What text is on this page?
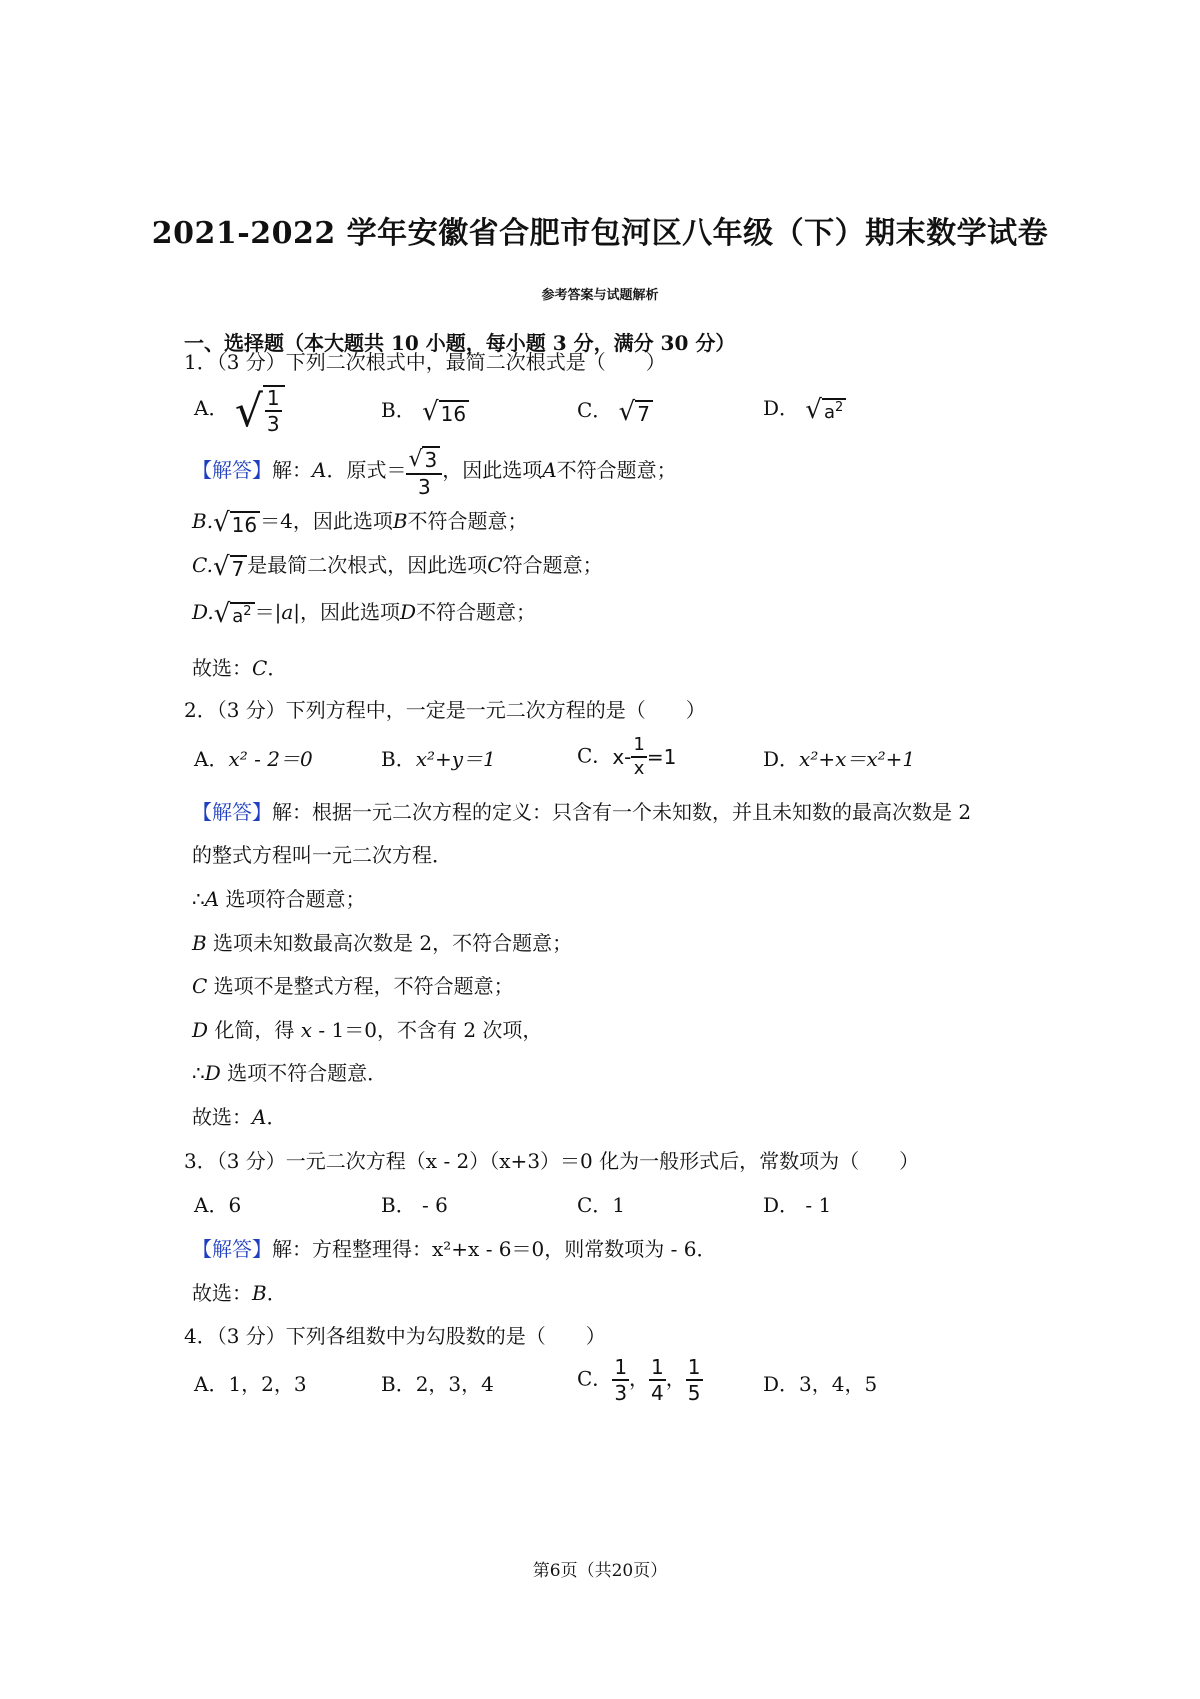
2021-2022 学年安徽省合肥市包河区八年级（下）期末数学试卷
参考答案与试题解析
一、选择题（本大题共 10 小题，每小题 3 分，满分 30 分）
1．（3 分）下列二次根式中，最简二次根式是（　　）
A． √ $\frac{1}{3}$	B． √ 16	C． √ 7	D． √ $a^2$
【解答】解：A．原式＝ $\frac{√ 3}{3}$ ，因此选项A不符合题意；
B.√ 16 ＝4，因此选项B不符合题意；
C.√ 7 是最简二次根式，因此选项C符合题意；
D.√ $a^2 =|a|$，因此选项D不符合题意；
故选：C．
2．（3 分）下列方程中，一定是一元二次方程的是（　　）
A．x² - 2＝0	B．x²+y＝1	C．$x- \frac{1}{x} =1$	D．x²+x＝x²+1
【解答】解：根据一元二次方程的定义：只含有一个未知数，并且未知数的最高次数是 2
的整式方程叫一元二次方程．
∴A 选项符合题意；
B 选项未知数最高次数是 2，不符合题意；
C 选项不是整式方程，不符合题意；
D 化简，得 x - 1＝0，不含有 2 次项，
∴D 选项不符合题意．
故选：A．
3．（3 分）一元二次方程（x - 2）（x+3）＝0 化为一般形式后，常数项为（　　）
A．6	B． - 6	C．1	D． - 1
【解答】解：方程整理得：x²+x - 6＝0，则常数项为 - 6．
故选：B．
4．（3 分）下列各组数中为勾股数的是（　　）
A．1，2，3	B．2，3，4	C． $\frac{1}{3}$ ， $\frac{1}{4}$ ， $\frac{1}{5}$	D．3，4，5
第6页（共20页）
